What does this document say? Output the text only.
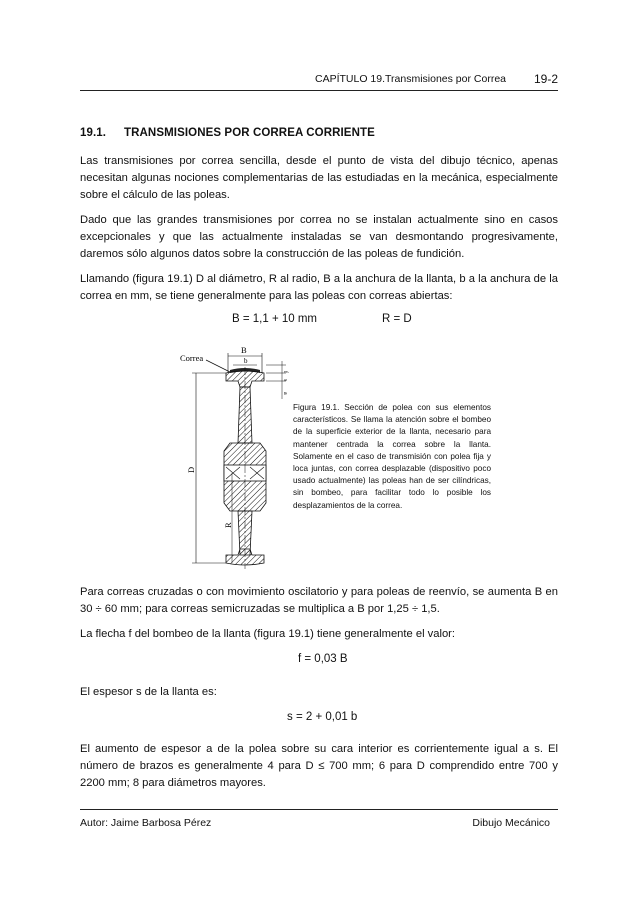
CAPÍTULO 19.Transmisiones por Correa 19-2
19.1. TRANSMISIONES POR CORREA CORRIENTE

Las transmisiones por correa sencilla, desde el punto de vista del dibujo técnico, apenas necesitan algunas nociones complementarias de las estudiadas en la mecánica, especialmente sobre el cálculo de las poleas.

Dado que las grandes transmisiones por correa no se instalan actualmente sino en casos excepcionales y que las actualmente instaladas se van desmontando progresivamente, daremos sólo algunos datos sobre la construcción de las poleas de fundición.

Llamando (figura 19.1) D al diámetro, R al radio, B a la anchura de la llanta, b a la anchura de la correa en mm, se tiene generalmente para las poleas con correas abiertas:

B = 1,1 + 10 mm	R = D
Correa
B
b
f
s
a
D
R
Figura 19.1. Sección de polea con sus elementos característicos. Se llama la atención sobre el bombeo de la superficie exterior de la llanta, necesario para mantener centrada la correa sobre la llanta. Solamente en el caso de transmisión con polea fija y loca juntas, con correa desplazable (dispositivo poco usado actualmente) las poleas han de ser cilíndricas, sin bombeo, para facilitar todo lo posible los desplazamientos de la correa.

Para correas cruzadas o con movimiento oscilatorio y para poleas de reenvío, se aumenta B en 30 ÷ 60 mm; para correas semicruzadas se multiplica a B por 1,25 ÷ 1,5.

La flecha f del bombeo de la llanta (figura 19.1) tiene generalmente el valor:

f = 0,03 B

El espesor s de la llanta es:

s = 2 + 0,01 b

El aumento de espesor a de la polea sobre su cara interior es corrientemente igual a s. El número de brazos es generalmente 4 para D ≤ 700 mm; 6 para D comprendido entre 700 y 2200 mm; 8 para diámetros mayores.

Autor: Jaime Barbosa Pérez	Dibujo Mecánico
